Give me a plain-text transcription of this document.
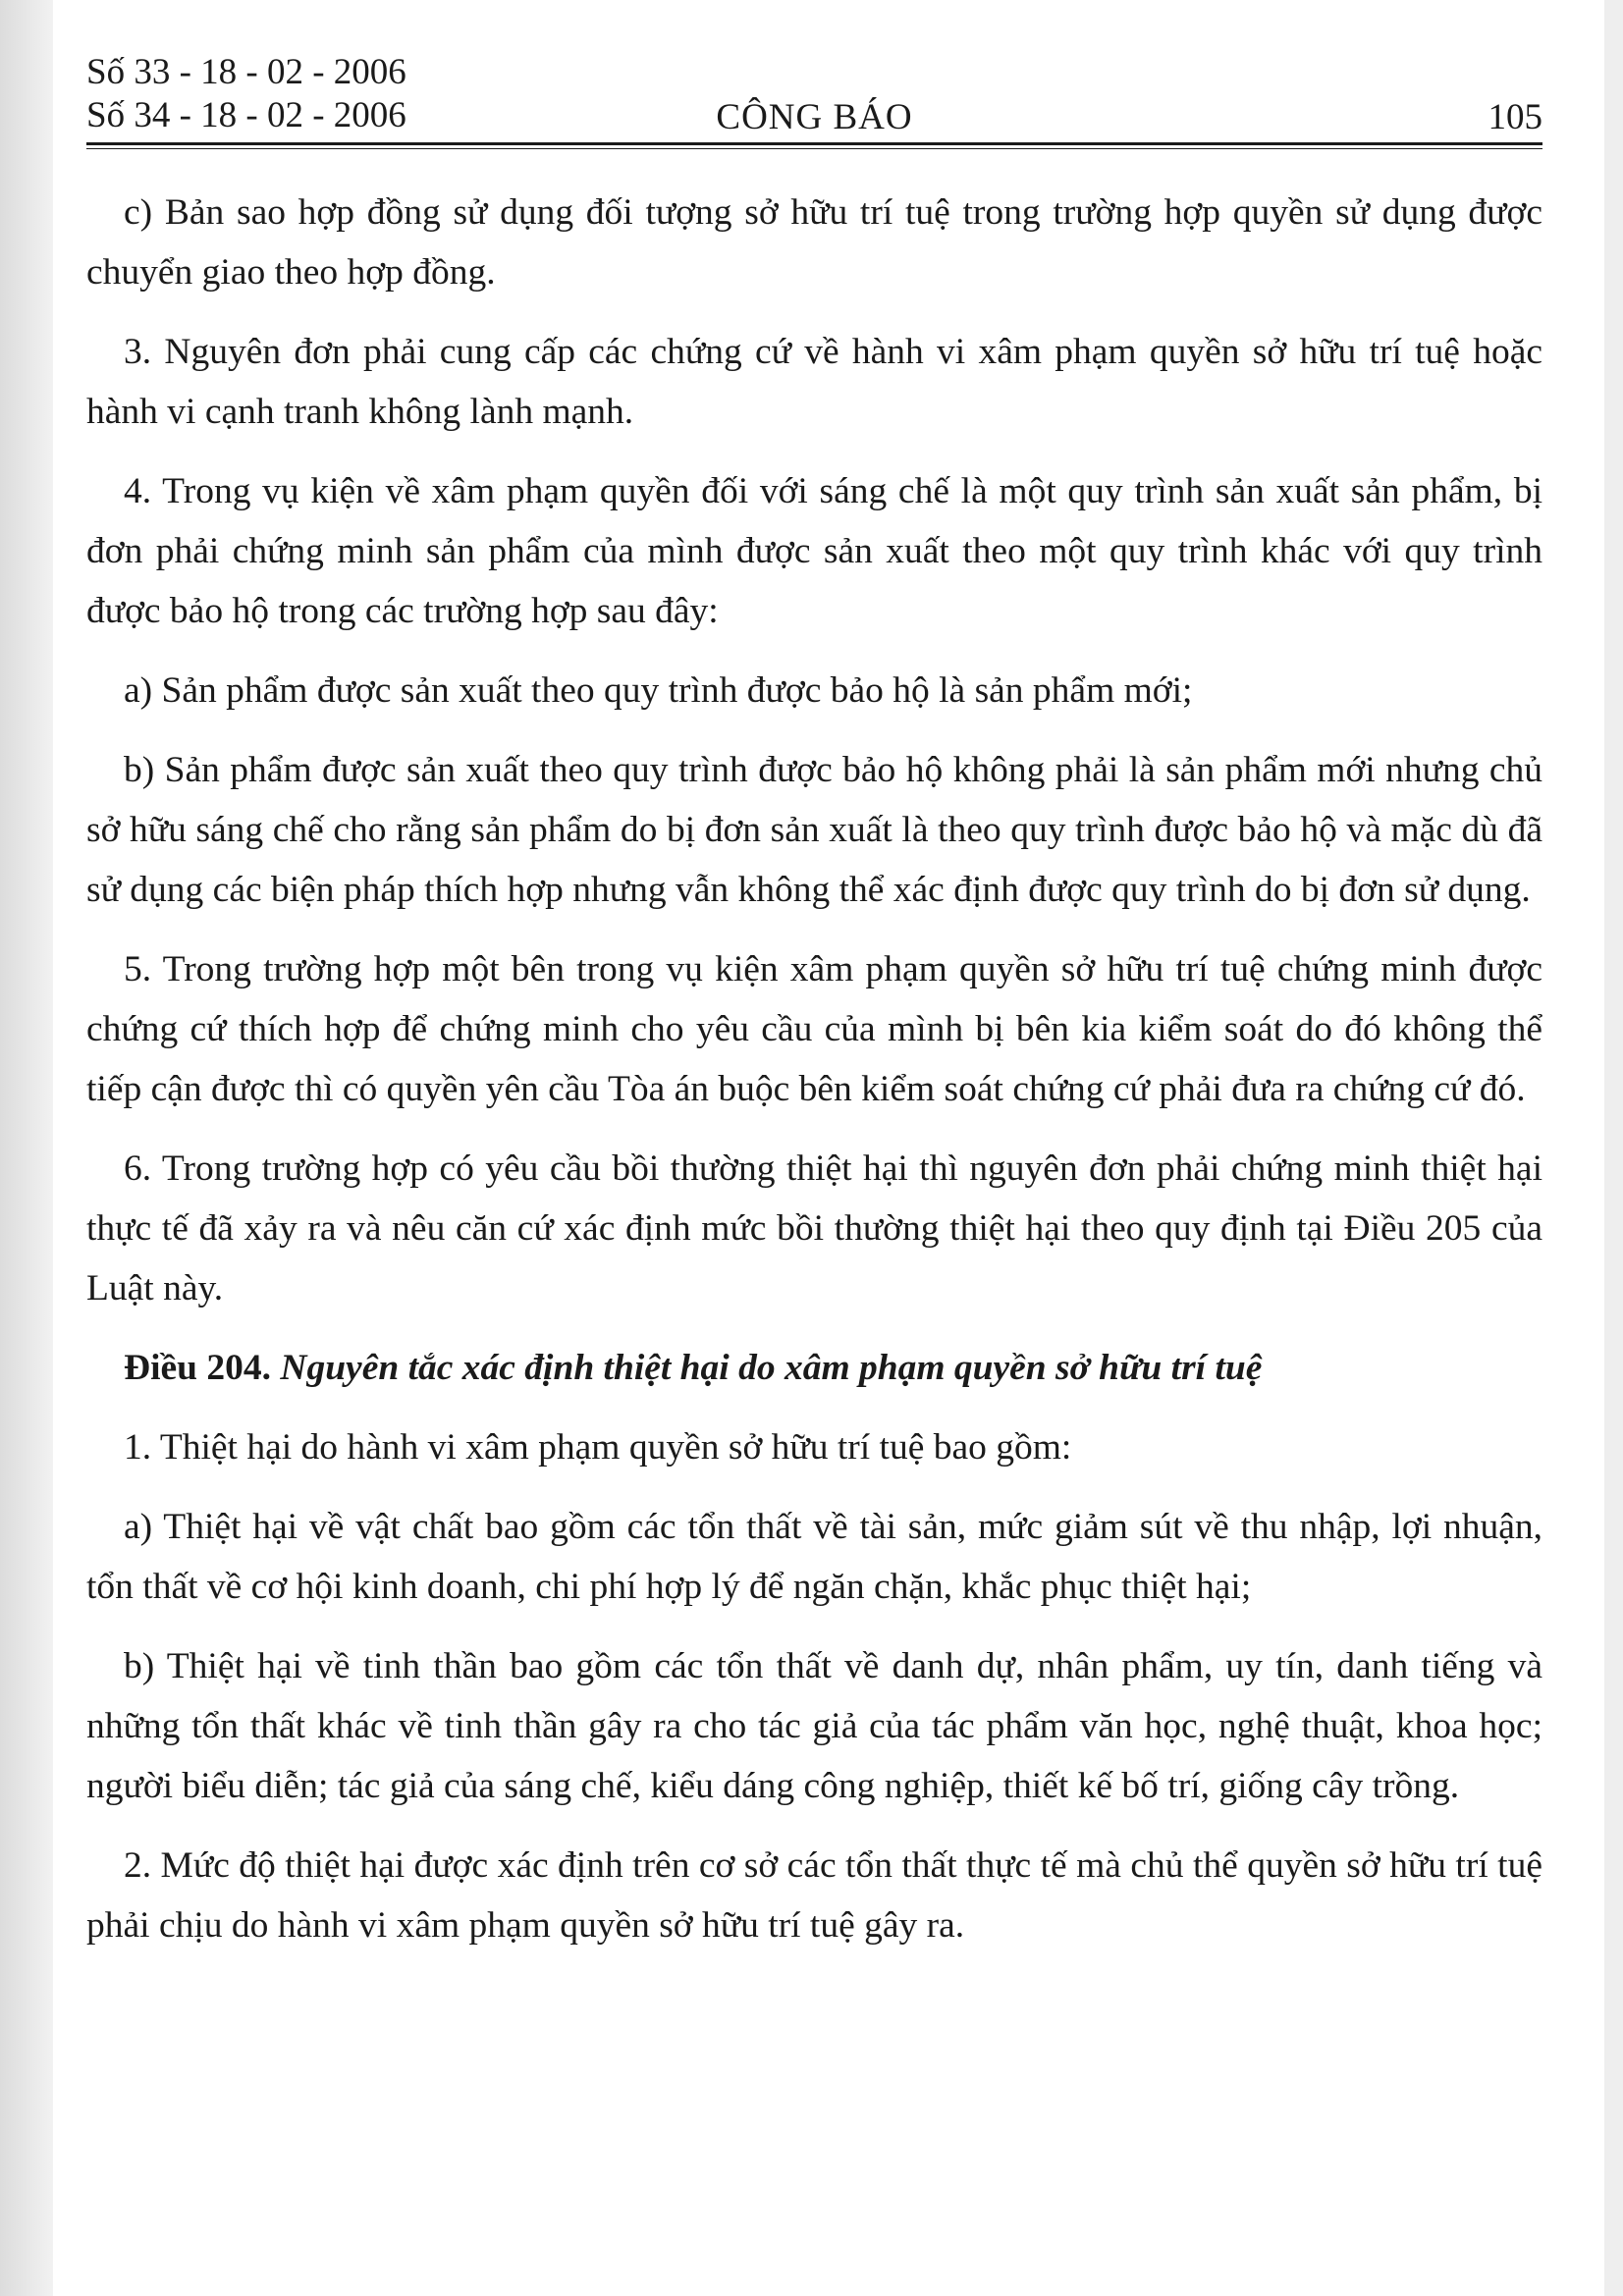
Số 33 - 18 - 02 - 2006
Số 34 - 18 - 02 - 2006	CÔNG BÁO	105

c) Bản sao hợp đồng sử dụng đối tượng sở hữu trí tuệ trong trường hợp quyền sử dụng được chuyển giao theo hợp đồng.

3. Nguyên đơn phải cung cấp các chứng cứ về hành vi xâm phạm quyền sở hữu trí tuệ hoặc hành vi cạnh tranh không lành mạnh.

4. Trong vụ kiện về xâm phạm quyền đối với sáng chế là một quy trình sản xuất sản phẩm, bị đơn phải chứng minh sản phẩm của mình được sản xuất theo một quy trình khác với quy trình được bảo hộ trong các trường hợp sau đây:

a) Sản phẩm được sản xuất theo quy trình được bảo hộ là sản phẩm mới;

b) Sản phẩm được sản xuất theo quy trình được bảo hộ không phải là sản phẩm mới nhưng chủ sở hữu sáng chế cho rằng sản phẩm do bị đơn sản xuất là theo quy trình được bảo hộ và mặc dù đã sử dụng các biện pháp thích hợp nhưng vẫn không thể xác định được quy trình do bị đơn sử dụng.

5. Trong trường hợp một bên trong vụ kiện xâm phạm quyền sở hữu trí tuệ chứng minh được chứng cứ thích hợp để chứng minh cho yêu cầu của mình bị bên kia kiểm soát do đó không thể tiếp cận được thì có quyền yên cầu Tòa án buộc bên kiểm soát chứng cứ phải đưa ra chứng cứ đó.

6. Trong trường hợp có yêu cầu bồi thường thiệt hại thì nguyên đơn phải chứng minh thiệt hại thực tế đã xảy ra và nêu căn cứ xác định mức bồi thường thiệt hại theo quy định tại Điều 205 của Luật này.

Điều 204. Nguyên tắc xác định thiệt hại do xâm phạm quyền sở hữu trí tuệ

1. Thiệt hại do hành vi xâm phạm quyền sở hữu trí tuệ bao gồm:

a) Thiệt hại về vật chất bao gồm các tổn thất về tài sản, mức giảm sút về thu nhập, lợi nhuận, tổn thất về cơ hội kinh doanh, chi phí hợp lý để ngăn chặn, khắc phục thiệt hại;

b) Thiệt hại về tinh thần bao gồm các tổn thất về danh dự, nhân phẩm, uy tín, danh tiếng và những tổn thất khác về tinh thần gây ra cho tác giả của tác phẩm văn học, nghệ thuật, khoa học; người biểu diễn; tác giả của sáng chế, kiểu dáng công nghiệp, thiết kế bố trí, giống cây trồng.

2. Mức độ thiệt hại được xác định trên cơ sở các tổn thất thực tế mà chủ thể quyền sở hữu trí tuệ phải chịu do hành vi xâm phạm quyền sở hữu trí tuệ gây ra.
